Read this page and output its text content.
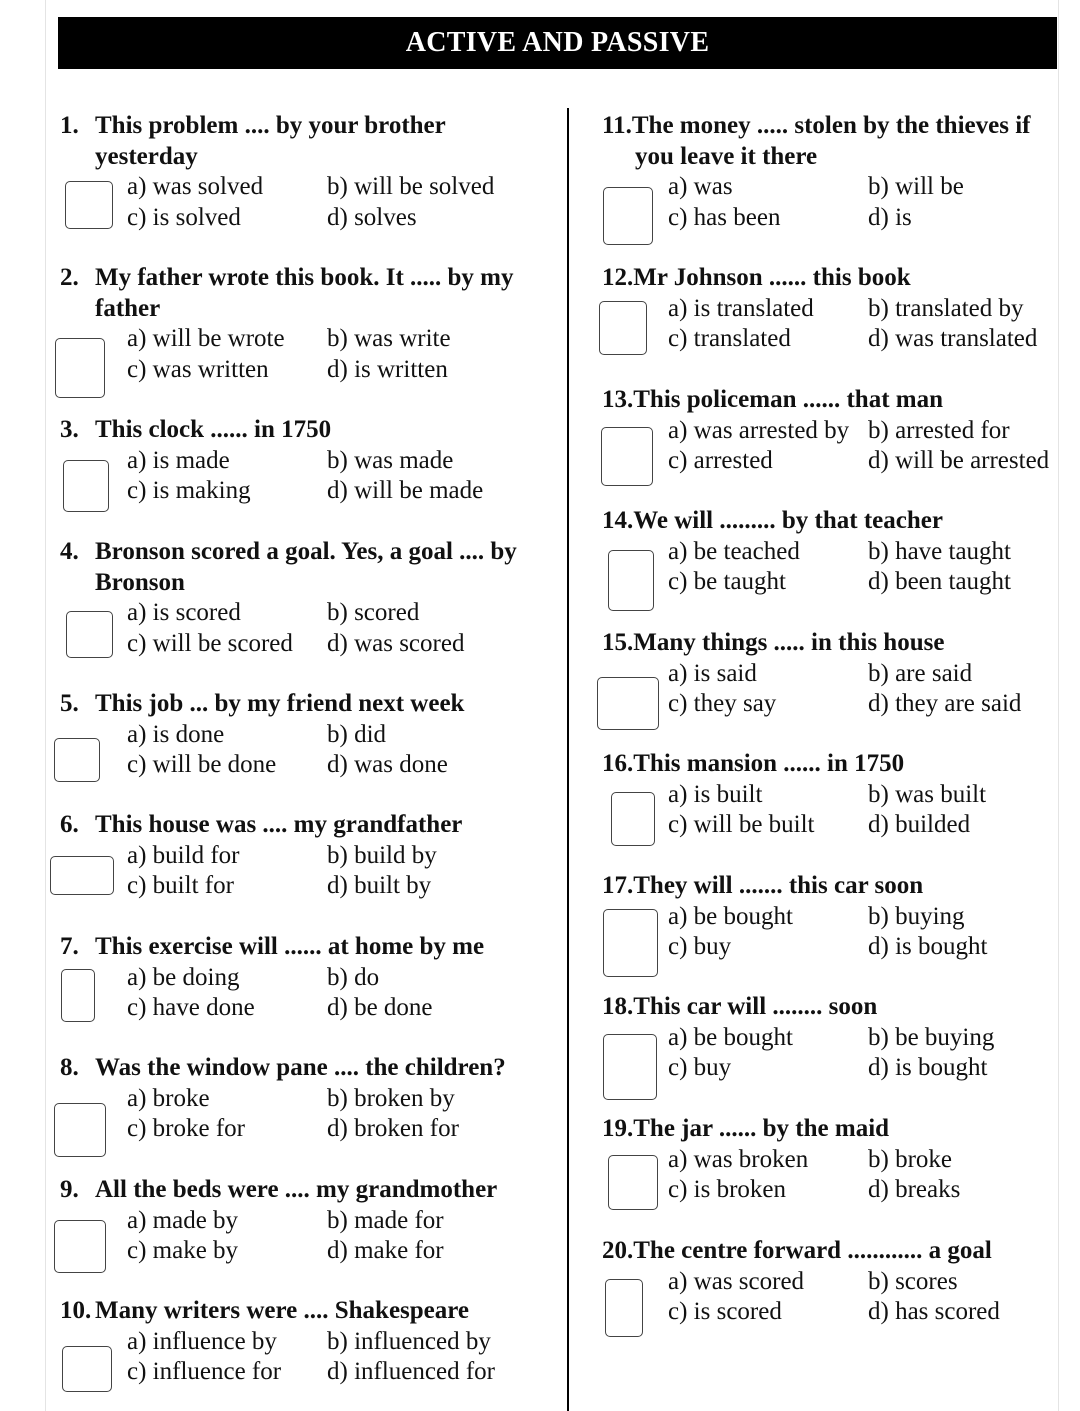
ACTIVE AND PASSIVE
1. This problem .... by your brother yesterday
a) was solved	b) will be solved
c) is solved	d) solves
2. My father wrote this book. It ..... by my father
a) will be wrote	b) was write
c) was written	d) is written
3. This clock ...... in 1750
a) is made	b) was made
c) is making	d) will be made
4. Bronson scored a goal. Yes, a goal .... by Bronson
a) is scored	b) scored
c) will be scored	d) was scored
5. This job ... by my friend next week
a) is done	b) did
c) will be done	d) was done
6. This house was .... my grandfather
a) build for	b) build by
c) built for	d) built by
7. This exercise will ...... at home by me
a) be doing	b) do
c) have done	d) be done
8. Was the window pane .... the children?
a) broke	b) broken by
c) broke for	d) broken for
9. All the beds were .... my grandmother
a) made by	b) made for
c) make by	d) make for
10. Many writers were .... Shakespeare
a) influence by	b) influenced by
c) influence for	d) influenced for
11.The money ..... stolen by the thieves if you leave it there
a) was	b) will be
c) has been	d) is
12. Mr Johnson ...... this book
a) is translated	b) translated by
c) translated	d) was translated
13. This policeman ...... that man
a) was arrested by b) arrested for
c) arrested	d) will be arrested
14. We will ......... by that teacher
a) be teached	b) have taught
c) be taught	d) been taught
15. Many things ..... in this house
a) is said	b) are said
c) they say	d) they are said
16. This mansion ...... in 1750
a) is built	b) was built
c) will be built	d) builded
17. They will ....... this car soon
a) be bought	b) buying
c) buy	d) is bought
18. This car will ........ soon
a) be bought	b) be buying
c) buy	d) is bought
19. The jar ...... by the maid
a) was broken	b) broke
c) is broken	d) breaks
20. The centre forward ............ a goal
a) was scored	b) scores
c) is scored	d) has scored
